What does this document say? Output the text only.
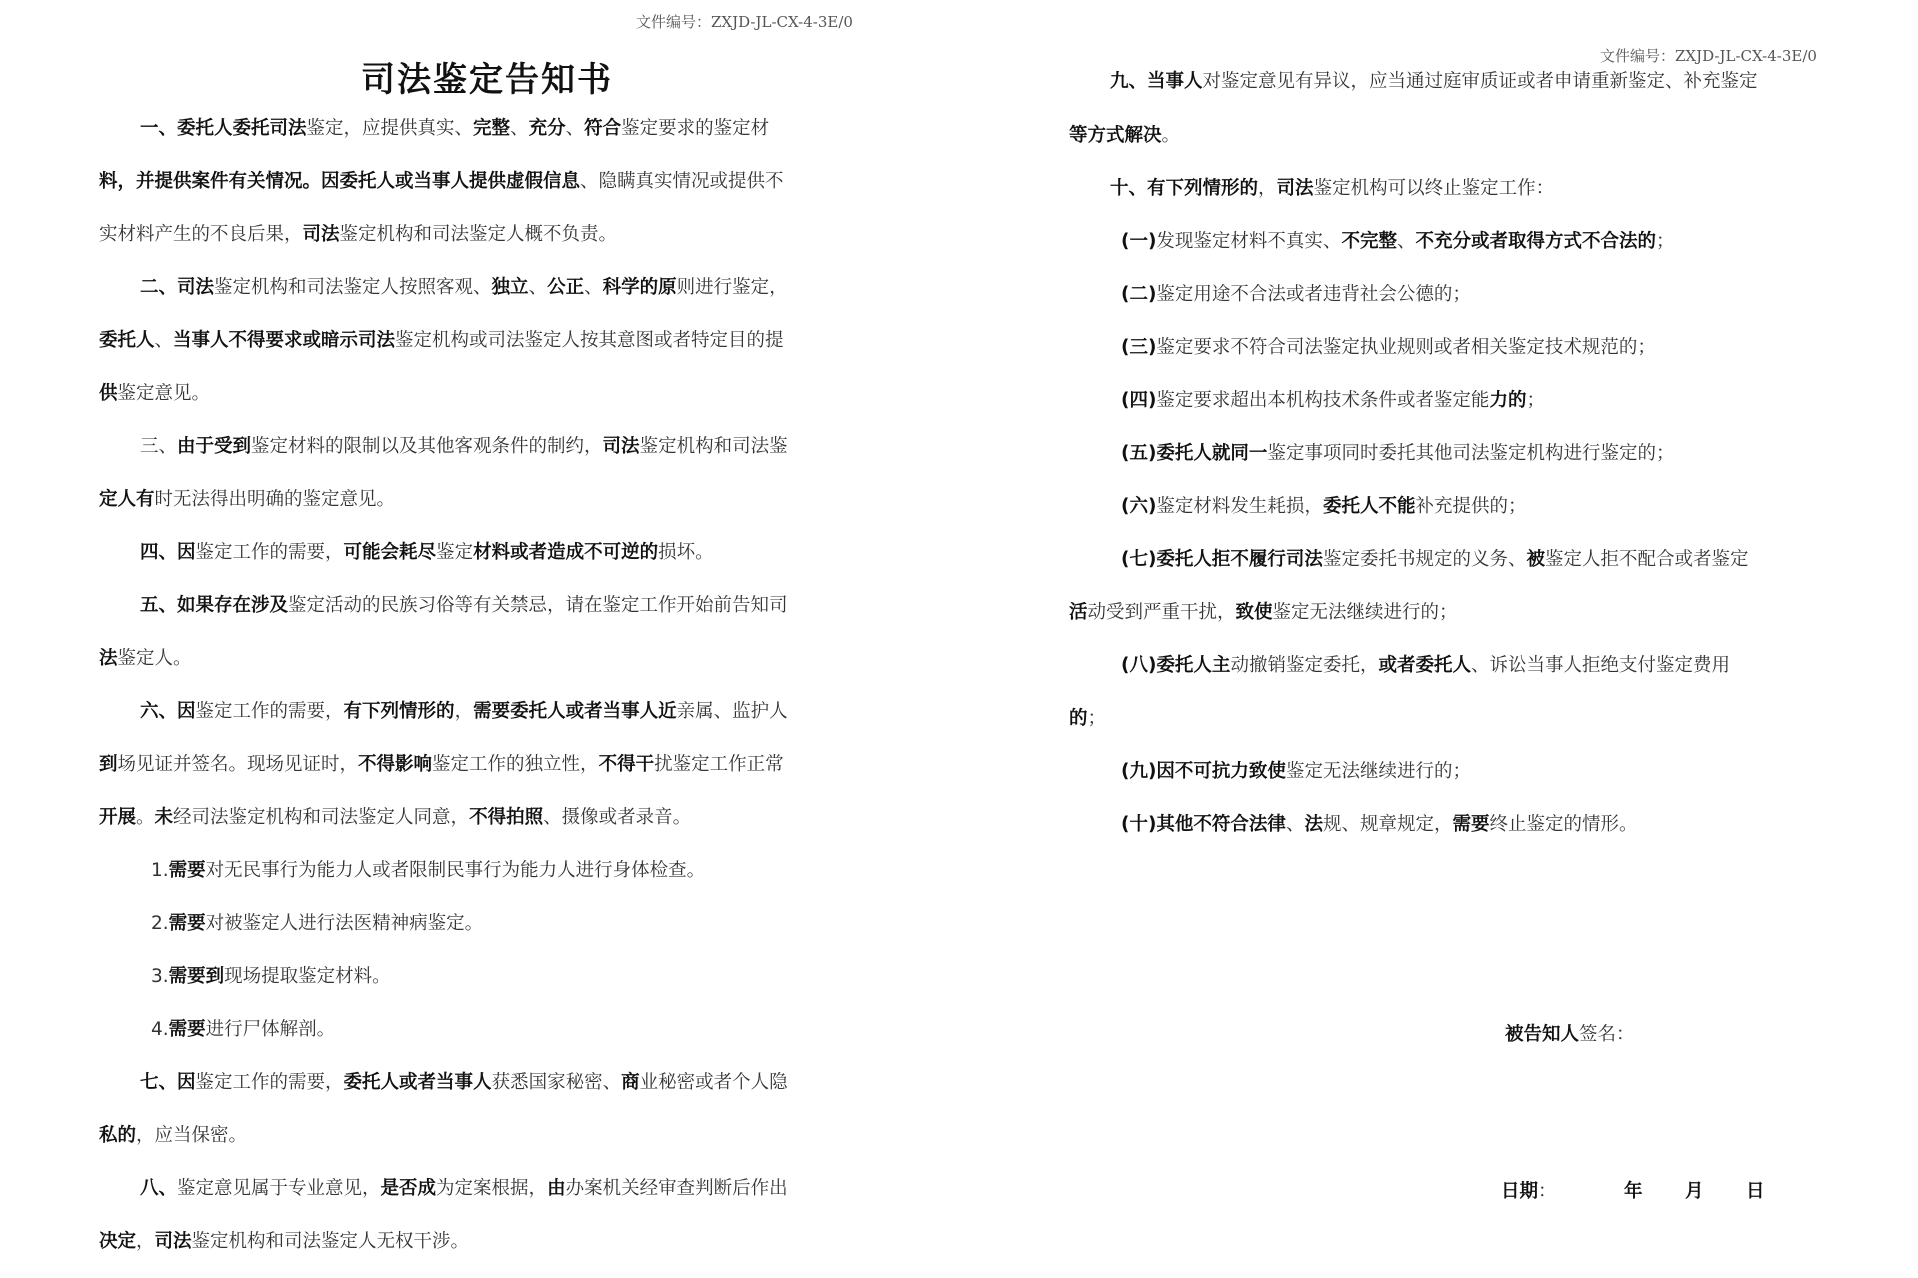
文件编号：ZXJD-JL-CX-4-3E/0
司法鉴定告知书
一、委托人委托司法鉴定，应提供真实、完整、充分、符合鉴定要求的鉴定材
料，并提供案件有关情况。因委托人或当事人提供虚假信息、隐瞒真实情况或提供不
实材料产生的不良后果，司法鉴定机构和司法鉴定人概不负责。
二、司法鉴定机构和司法鉴定人按照客观、独立、公正、科学的原则进行鉴定，
委托人、当事人不得要求或暗示司法鉴定机构或司法鉴定人按其意图或者特定目的提
供鉴定意见。
三、由于受到鉴定材料的限制以及其他客观条件的制约，司法鉴定机构和司法鉴
定人有时无法得出明确的鉴定意见。
四、因鉴定工作的需要，可能会耗尽鉴定材料或者造成不可逆的损坏。
五、如果存在涉及鉴定活动的民族习俗等有关禁忌，请在鉴定工作开始前告知司
法鉴定人。
六、因鉴定工作的需要，有下列情形的，需要委托人或者当事人近亲属、监护人
到场见证并签名。现场见证时，不得影响鉴定工作的独立性，不得干扰鉴定工作正常
开展。未经司法鉴定机构和司法鉴定人同意，不得拍照、摄像或者录音。
1.需要对无民事行为能力人或者限制民事行为能力人进行身体检查。
2.需要对被鉴定人进行法医精神病鉴定。
3.需要到现场提取鉴定材料。
4.需要进行尸体解剖。
七、因鉴定工作的需要，委托人或者当事人获悉国家秘密、商业秘密或者个人隐
私的，应当保密。
八、鉴定意见属于专业意见，是否成为定案根据，由办案机关经审查判断后作出
决定，司法鉴定机构和司法鉴定人无权干涉。
文件编号：ZXJD-JL-CX-4-3E/0
九、当事人对鉴定意见有异议，应当通过庭审质证或者申请重新鉴定、补充鉴定
等方式解决。
十、有下列情形的，司法鉴定机构可以终止鉴定工作：
(一)发现鉴定材料不真实、不完整、不充分或者取得方式不合法的；
(二)鉴定用途不合法或者违背社会公德的；
(三)鉴定要求不符合司法鉴定执业规则或者相关鉴定技术规范的；
(四)鉴定要求超出本机构技术条件或者鉴定能力的；
(五)委托人就同一鉴定事项同时委托其他司法鉴定机构进行鉴定的；
(六)鉴定材料发生耗损，委托人不能补充提供的；
(七)委托人拒不履行司法鉴定委托书规定的义务、被鉴定人拒不配合或者鉴定
活动受到严重干扰，致使鉴定无法继续进行的；
(八)委托人主动撤销鉴定委托，或者委托人、诉讼当事人拒绝支付鉴定费用
的；
(九)因不可抗力致使鉴定无法继续进行的；
(十)其他不符合法律、法规、规章规定，需要终止鉴定的情形。
被告知人签名：
日期：	年 月 日
